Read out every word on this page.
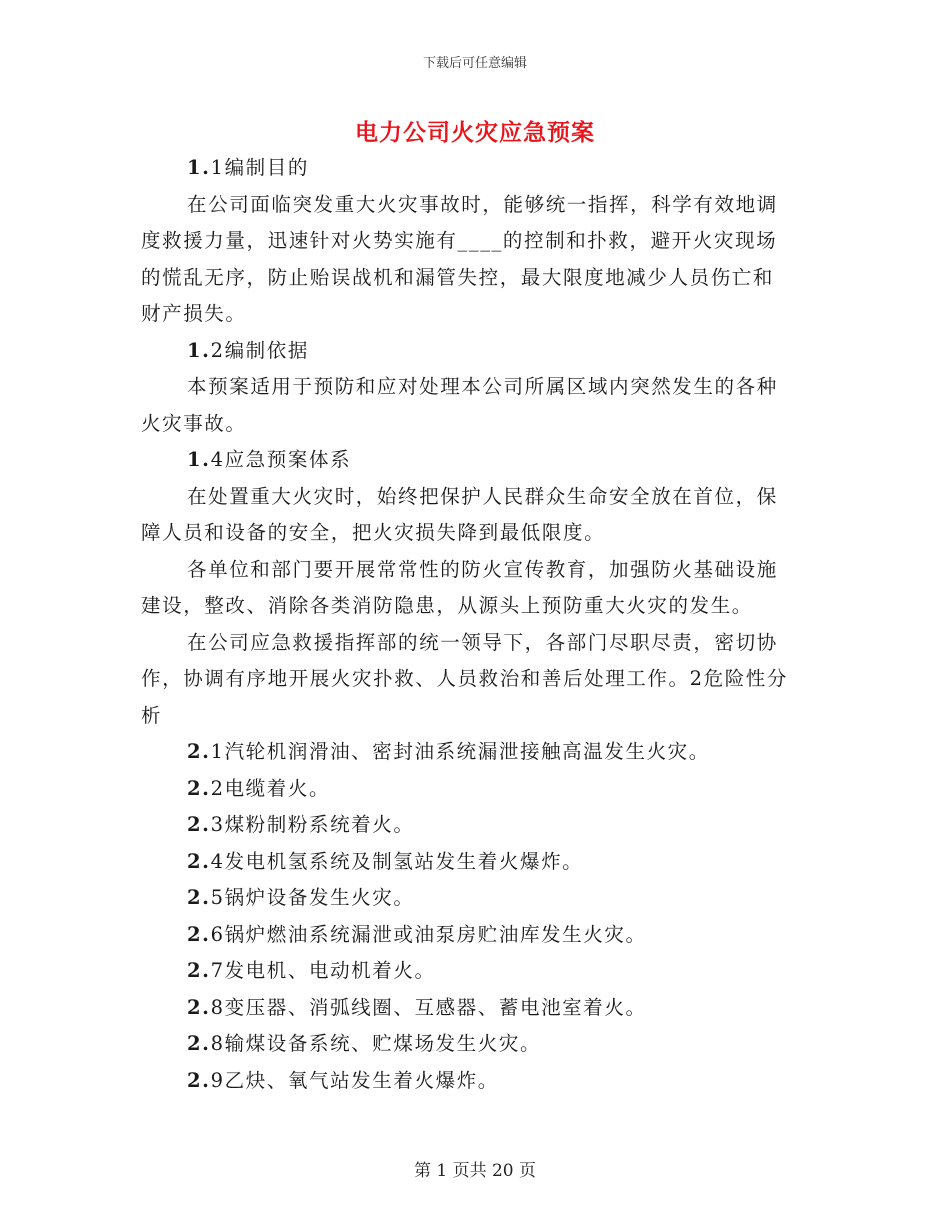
下载后可任意编辑
电力公司火灾应急预案
1.1编制目的
在公司面临突发重大火灾事故时，能够统一指挥，科学有效地调
度救援力量，迅速针对火势实施有____的控制和扑救，避开火灾现场
的慌乱无序，防止贻误战机和漏管失控，最大限度地减少人员伤亡和
财产损失。
1.2编制依据
本预案适用于预防和应对处理本公司所属区域内突然发生的各种
火灾事故。
1.4应急预案体系
在处置重大火灾时，始终把保护人民群众生命安全放在首位，保
障人员和设备的安全，把火灾损失降到最低限度。
各单位和部门要开展常常性的防火宣传教育，加强防火基础设施
建设，整改、消除各类消防隐患，从源头上预防重大火灾的发生。
在公司应急救援指挥部的统一领导下，各部门尽职尽责，密切协
作，协调有序地开展火灾扑救、人员救治和善后处理工作。2危险性分
析
2.1汽轮机润滑油、密封油系统漏泄接触高温发生火灾。
2.2电缆着火。
2.3煤粉制粉系统着火。
2.4发电机氢系统及制氢站发生着火爆炸。
2.5锅炉设备发生火灾。
2.6锅炉燃油系统漏泄或油泵房贮油库发生火灾。
2.7发电机、电动机着火。
2.8变压器、消弧线圈、互感器、蓄电池室着火。
2.8输煤设备系统、贮煤场发生火灾。
2.9乙炔、氧气站发生着火爆炸。
第 1 页共 20 页
